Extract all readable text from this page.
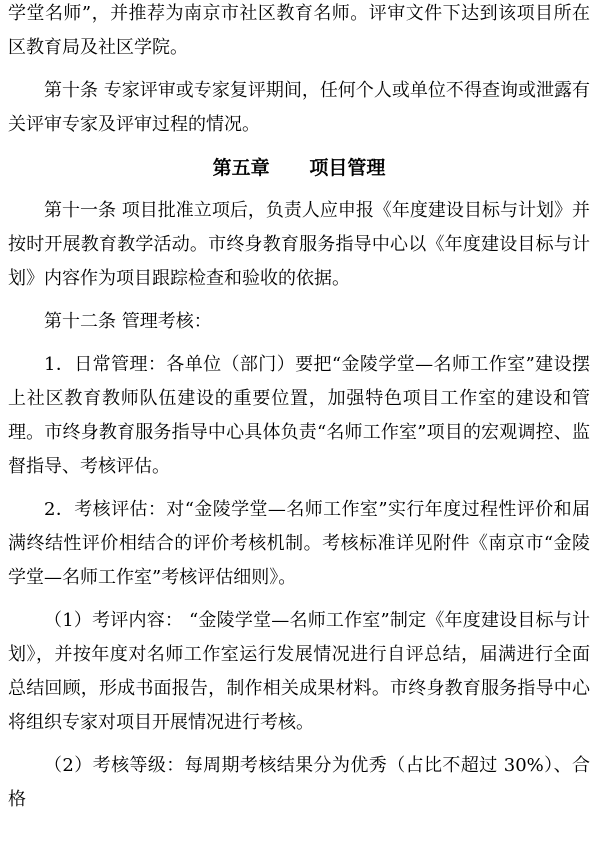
学堂名师”，并推荐为南京市社区教育名师。评审文件下达到该项目所在区教育局及社区学院。

第十条 专家评审或专家复评期间，任何个人或单位不得查询或泄露有关评审专家及评审过程的情况。

第五章      项目管理

第十一条 项目批准立项后，负责人应申报《年度建设目标与计划》并按时开展教育教学活动。市终身教育服务指导中心以《年度建设目标与计划》内容作为项目跟踪检查和验收的依据。

第十二条 管理考核：

1．日常管理：各单位（部门）要把“金陵学堂—名师工作室”建设摆上社区教育教师队伍建设的重要位置，加强特色项目工作室的建设和管理。市终身教育服务指导中心具体负责“名师工作室”项目的宏观调控、监督指导、考核评估。

2．考核评估：对“金陵学堂—名师工作室”实行年度过程性评价和届满终结性评价相结合的评价考核机制。考核标准详见附件《南京市“金陵学堂—名师工作室”考核评估细则》。

（1）考评内容： “金陵学堂—名师工作室”制定《年度建设目标与计划》，并按年度对名师工作室运行发展情况进行自评总结，届满进行全面总结回顾，形成书面报告，制作相关成果材料。市终身教育服务指导中心将组织专家对项目开展情况进行考核。

（2）考核等级：每周期考核结果分为优秀（占比不超过 30%）、合格
